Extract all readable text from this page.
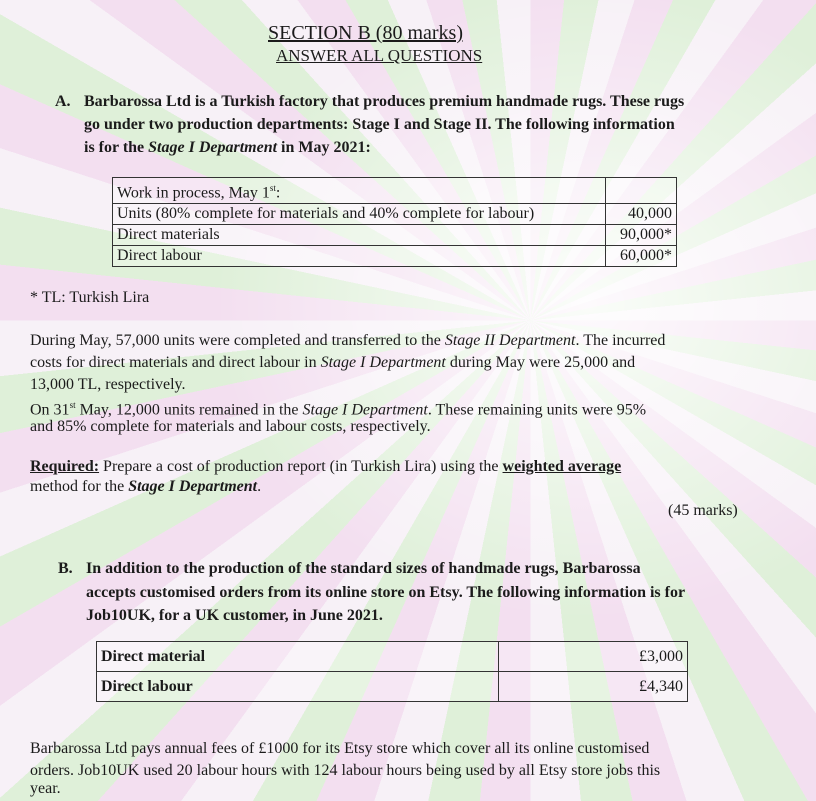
SECTION B (80 marks)
ANSWER ALL QUESTIONS
A. Barbarossa Ltd is a Turkish factory that produces premium handmade rugs. These rugs
go under two production departments: Stage I and Stage II. The following information
is for the Stage I Department in May 2021:
Work in process, May 1st:	
Units (80% complete for materials and 40% complete for labour)	40,000
Direct materials	90,000*
Direct labour	60,000*
* TL: Turkish Lira
During May, 57,000 units were completed and transferred to the Stage II Department. The incurred
costs for direct materials and direct labour in Stage I Department during May were 25,000 and
13,000 TL, respectively.
On 31st May, 12,000 units remained in the Stage I Department. These remaining units were 95%
and 85% complete for materials and labour costs, respectively.
Required: Prepare a cost of production report (in Turkish Lira) using the weighted average
method for the Stage I Department.
(45 marks)
B. In addition to the production of the standard sizes of handmade rugs, Barbarossa
accepts customised orders from its online store on Etsy. The following information is for
Job10UK, for a UK customer, in June 2021.
Direct material	£3,000
Direct labour	£4,340
Barbarossa Ltd pays annual fees of £1000 for its Etsy store which cover all its online customised
orders. Job10UK used 20 labour hours with 124 labour hours being used by all Etsy store jobs this
year.
